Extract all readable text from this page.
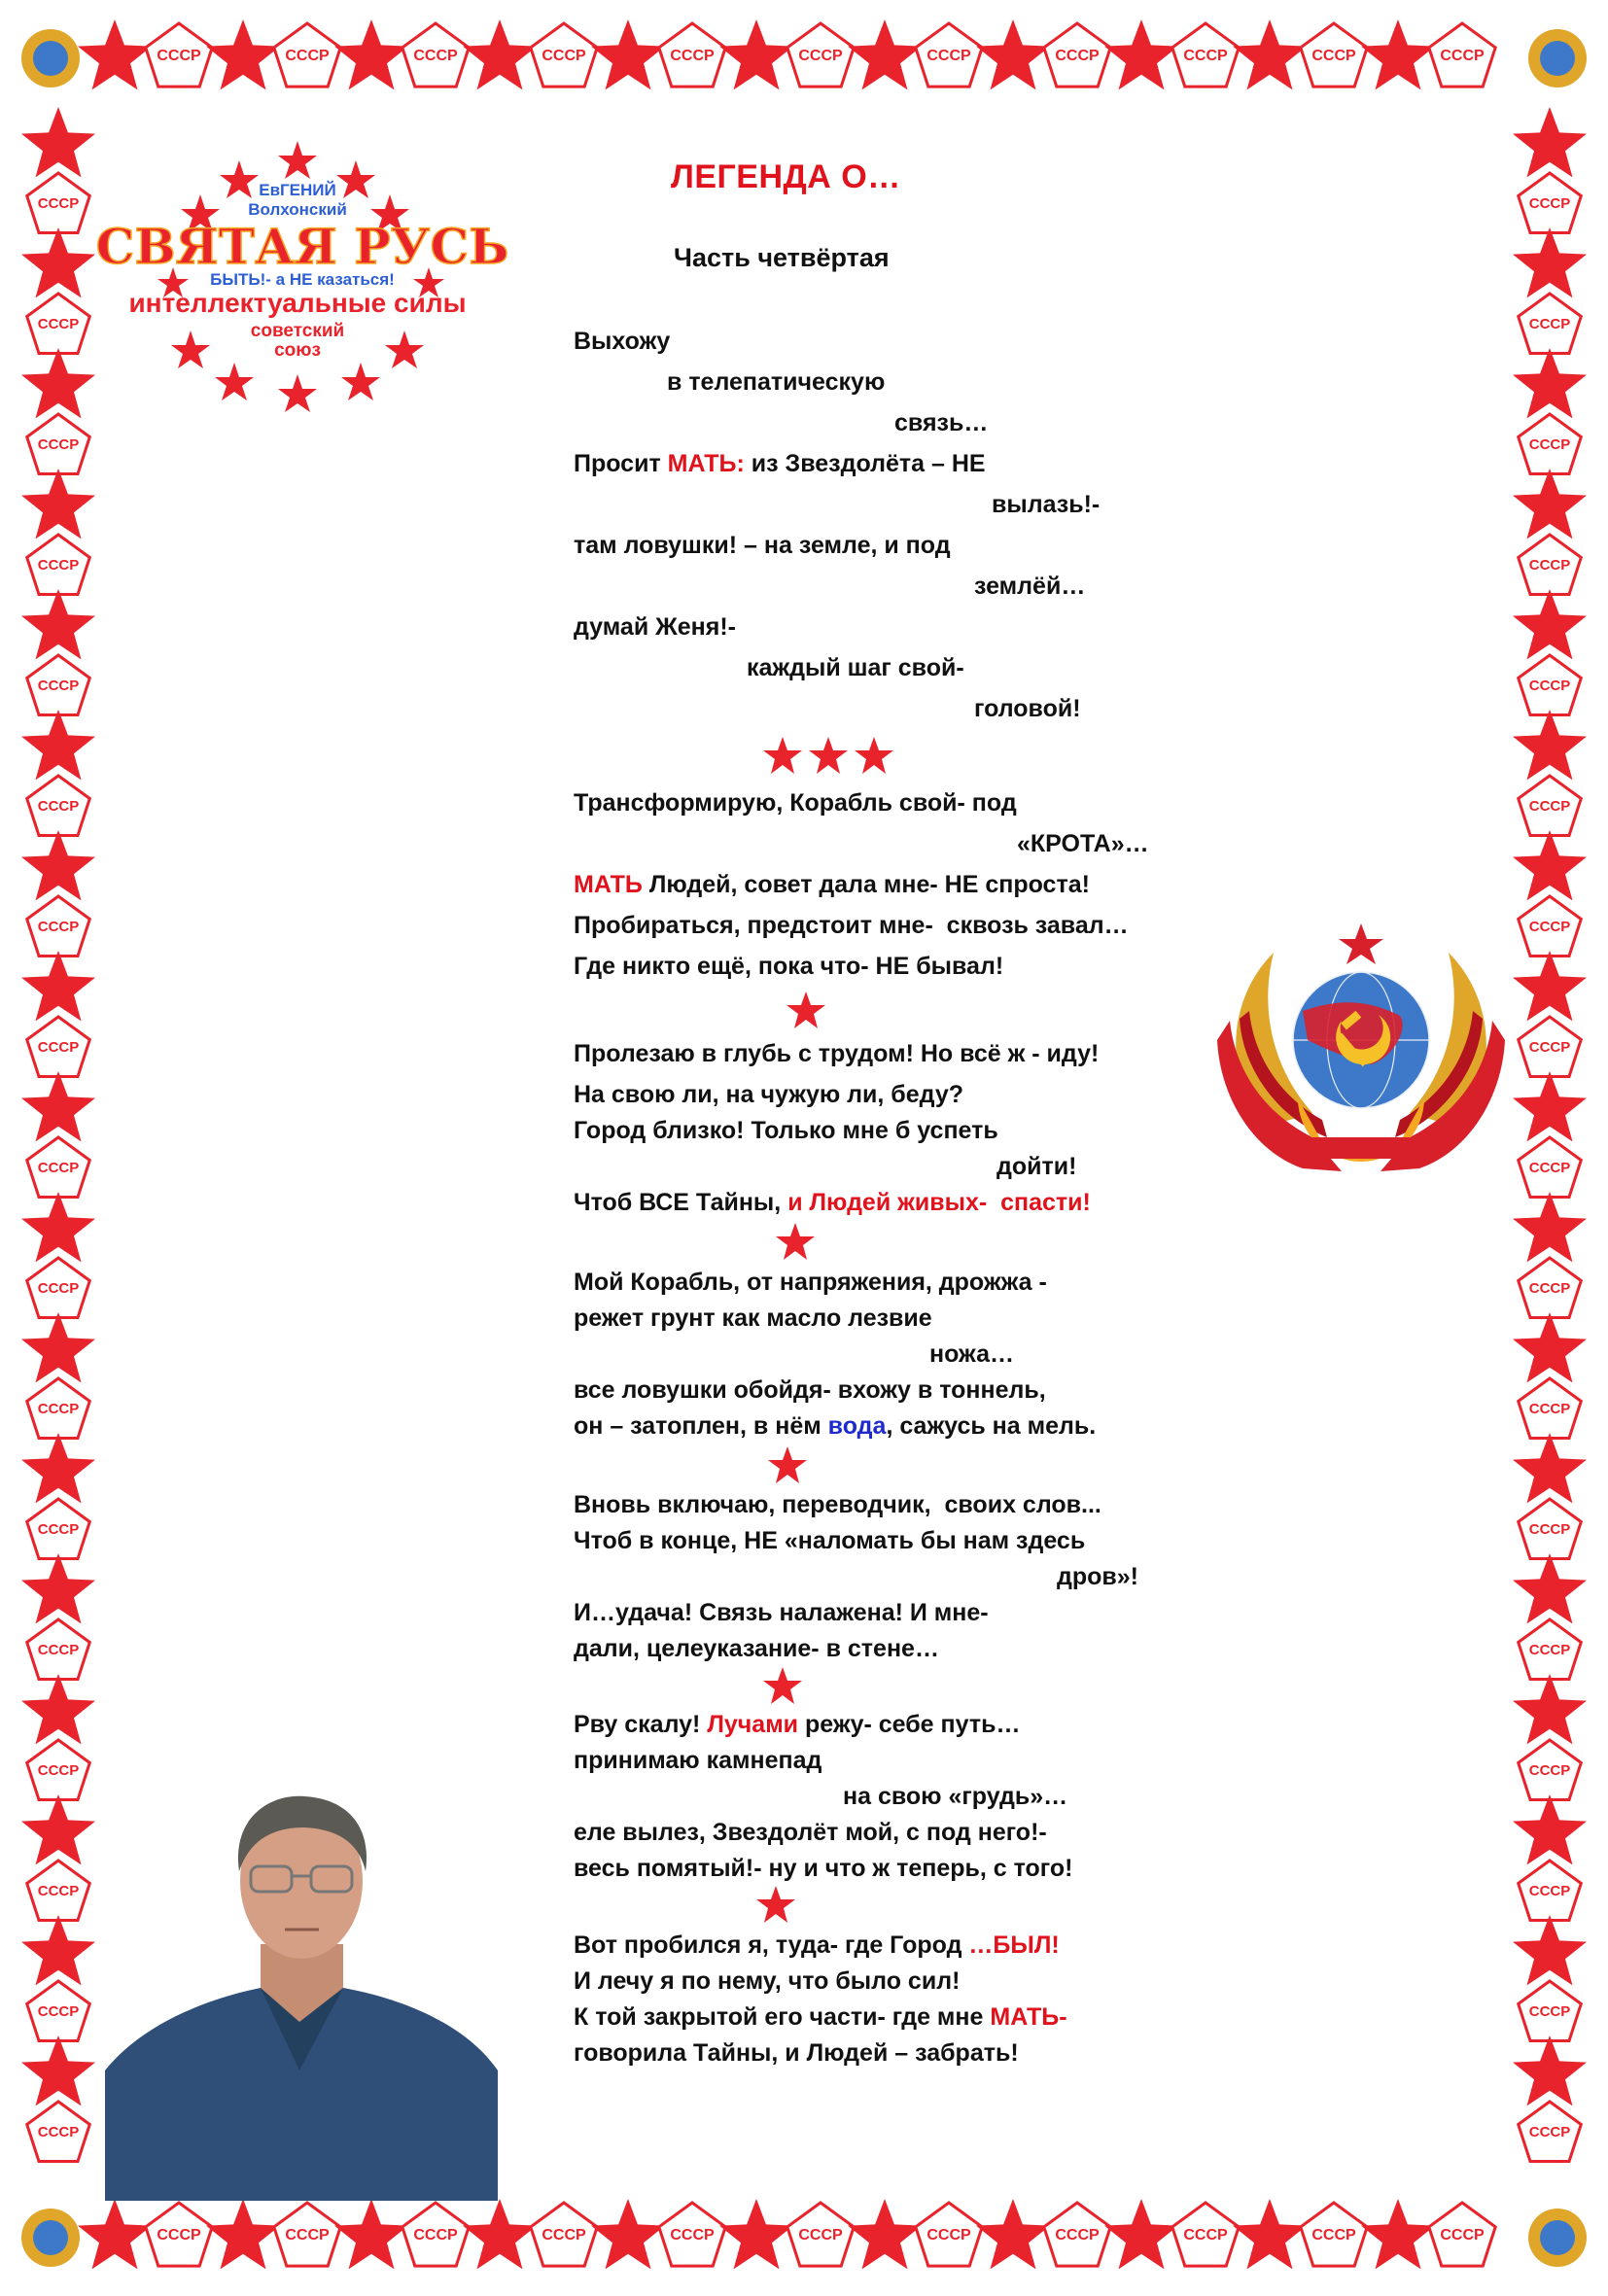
СССР	СССР	СССР	СССР	СССР	СССР	СССР	СССР	СССР	СССР	СССР
СССР	СССР	СССР	СССР	СССР	СССР	СССР	СССР	СССР	СССР	СССР
СССР
СССР
СССР
СССР
СССР
СССР
СССР
СССР
СССР
СССР
СССР
СССР
СССР
СССР
СССР
СССР
СССР
СССР
СССР
СССР
СССР
СССР
СССР
СССР
СССР
СССР
СССР
СССР
СССР
СССР
СССР
СССР
СССР
СССР
ЕвГЕНИЙ
Волхонский
СВЯТАЯ РУСЬ
БЫТЬ!- а НЕ казаться!
интеллектуальные силы
советский
союз
ЛЕГЕНДА О…
Часть четвёртая
Выхожу
в телепатическую
связь…
Просит МАТЬ: из Звездолёта – НЕ
вылазь!-
там ловушки! – на земле, и под
землёй…
думай Женя!-
каждый шаг свой-
головой!
Трансформирую, Корабль свой- под
«КРОТА»…
МАТЬ Людей, совет дала мне- НЕ спроста!
Пробираться, предстоит мне-  сквозь завал…
Где никто ещё, пока что- НЕ бывал!
Пролезаю в глубь с трудом! Но всё ж - иду!
На свою ли, на чужую ли, беду?
Город близко! Только мне б успеть
дойти!
Чтоб ВСЕ Тайны, и Людей живых-  спасти!
Мой Корабль, от напряжения, дрожжа -
режет грунт как масло лезвие
ножа…
все ловушки обойдя- вхожу в тоннель,
он – затоплен, в нём вода, сажусь на мель.
Вновь включаю, переводчик,  своих слов...
Чтоб в конце, НЕ «наломать бы нам здесь
дров»!
И…удача! Связь налажена! И мне-
дали, целеуказание- в стене…
Рву скалу! Лучами режу- себе путь…
принимаю камнепад
на свою «грудь»…
еле вылез, Звездолёт мой, с под него!-
весь помятый!- ну и что ж теперь, с того!
Вот пробился я, туда- где Город …БЫЛ!
И лечу я по нему, что было сил!
К той закрытой его части- где мне МАТЬ-
говорила Тайны, и Людей – забрать!
